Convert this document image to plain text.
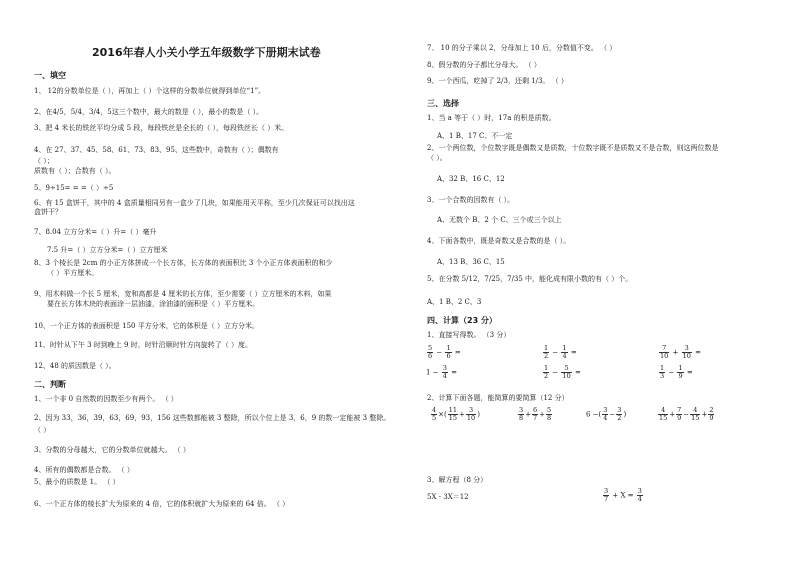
2016年春人小关小学五年级数学下册期末试卷
一、填空
1、 12的分数单位是（ ），再加上（ ）个这样的分数单位就得到单位“1”。
2、在4/5，5/4，3/4，5这三个数中，最大的数是（ ），最小的数是（ ）。
3、把 4 米长的铁丝平均分成 5 段，每段铁丝是全长的（ ），每段铁丝长（ ）米。
4、在 27、37、45、58、61、73、83、95、这些数中，奇数有（ ）；偶数有
（ ）；
质数有（ ）；合数有（ ）。
5、9÷15= = =（ ）÷5
6、有 15 盒饼干，其中的 4 盒质量相同另有一盒少了几块，如果能用天平称，至少几次保证可以找出这
盒饼干？
7、8.04 立方分米=（ ）升=（ ）毫升
7.5 升=（ ）立方分米=（ ）立方厘米
8、3 个棱长是 2cm 的小正方体拼成一个长方体，长方体的表面积比 3 个小正方体表面积的和少
（ ）平方厘米。
9、用木料做一个长 5 厘米，宽和高都是 4 厘米的长方体，至少需要（ ）立方厘米的木料，如果
要在长方体木块的表面涂一层油漆，涂油漆的面积是（ ）平方厘米。
10、一个正方体的表面积是 150 平方分米，它的体积是（ ）立方分米。
11、时针从下午 3 时到晚上 9 时，时针沿顺时针方向旋转了（ ）度。
12、48 的质因数是（ ）。
二、判断
1、一个非 0 自然数的因数至少有两个。 （ ）
2、因为 33，36，39，63，69，93，156 这些数都能被 3 整除，所以个位上是 3，6，9 的数一定能被 3 整除。
（ ）
3、分数的分母越大，它的分数单位就越大。 （ ）
4、所有的偶数都是合数。 （ ）
5、最小的质数是 1。 （ ）
6、一个正方体的棱长扩大为原来的 4 倍，它的体积就扩大为原来的 64 倍。 （ ）
7、 10 的分子乘以 2，分母加上 10 后，分数值不变。 （ ）
8、假分数的分子都比分母大。 （ ）
9、一个西瓜，吃掉了 2/3，还剩 1/3。 （ ）
三、选择
1、当 a 等于（ ）时，17a 的积是质数。
A、1 B、17 C、不一定
2、一个两位数，个位数字既是偶数又是质数，十位数字既不是质数又不是合数，则这两位数是
（ ）。
A、32 B、16 C、12
3、一个合数的因数有（ ）。
A、无数个 B、2 个 C、三个或三个以上
4、下面各数中，既是奇数又是合数的是（ ）。
A、13 B、36 C、15
5、在分数 5/12，7/25，7/35 中，能化成有限小数的有（ ）个。
A、1 B、2 C、3
四、计算（23 分）
1、直接写得数。 （3 分）
2、计算下面各题，能简算的要简算（12 分）
3、解方程（8 分）
5X - 3X＝12
$\frac{5}{6} - \frac{1}{6}$ =	$\frac{1}{2} - \frac{1}{4}$ =	$\frac{7}{10} + \frac{3}{10}$ =
$1 - \frac{3}{4}$ =	$\frac{1}{2} - \frac{5}{10}$ =	$\frac{1}{3} - \frac{1}{9}$ =
$\frac{4}{5}$ ×( $\frac{11}{15} + \frac{3}{10}$ )	$\frac{3}{8} + \frac{6}{7} + \frac{5}{8}$	6 −( $\frac{3}{4} - \frac{3}{2}$ )	$\frac{4}{15} + \frac{7}{9} - \frac{4}{15} + \frac{2}{9}$
$\frac{3}{7} + X = \frac{3}{4}$
